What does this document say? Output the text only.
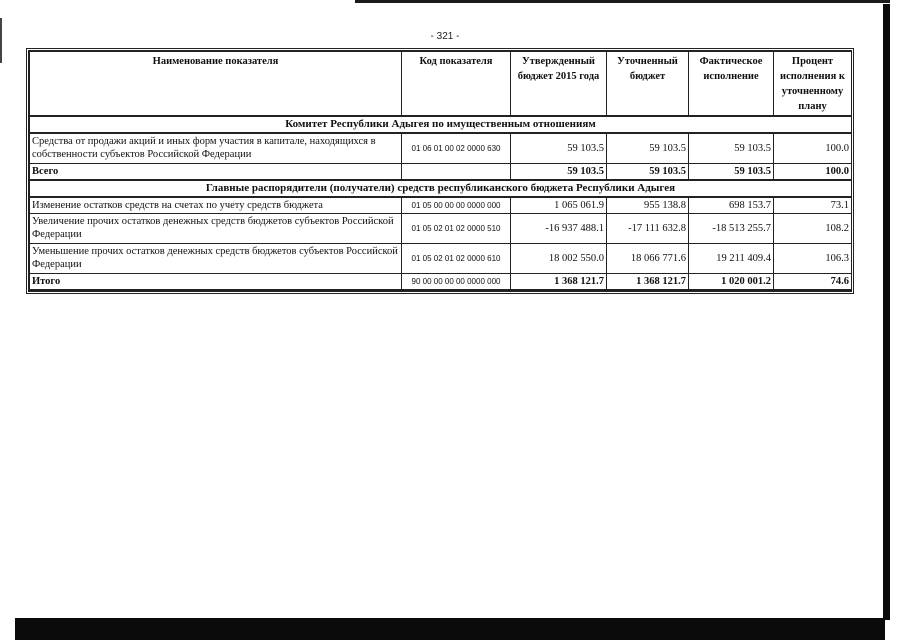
- 321 -
Наименование показателя	Код показателя	Утвержденный бюджет 2015 года	Уточненный бюджет	Фактическое исполнение	Процент исполнения к уточненному плану
Комитет Республики Адыгея по имущественным отношениям					
Средства от продажи акций и иных форм участия в капитале, находящихся в собственности субъектов Российской Федерации	01 06 01 00 02 0000 630	59 103.5	59 103.5	59 103.5	100.0
Всего		59 103.5	59 103.5	59 103.5	100.0
Главные распорядители (получатели) средств республиканского бюджета Республики Адыгея					
Изменение остатков средств на счетах по учету средств бюджета	01 05 00 00 00 0000 000	1 065 061.9	955 138.8	698 153.7	73.1
Увеличение прочих остатков денежных средств бюджетов субъектов Российской Федерации	01 05 02 01 02 0000 510	-16 937 488.1	-17 111 632.8	-18 513 255.7	108.2
Уменьшение прочих остатков денежных средств бюджетов субъектов Российской Федерации	01 05 02 01 02 0000 610	18 002 550.0	18 066 771.6	19 211 409.4	106.3
Итого	90 00 00 00 00 0000 000	1 368 121.7	1 368 121.7	1 020 001.2	74.6
